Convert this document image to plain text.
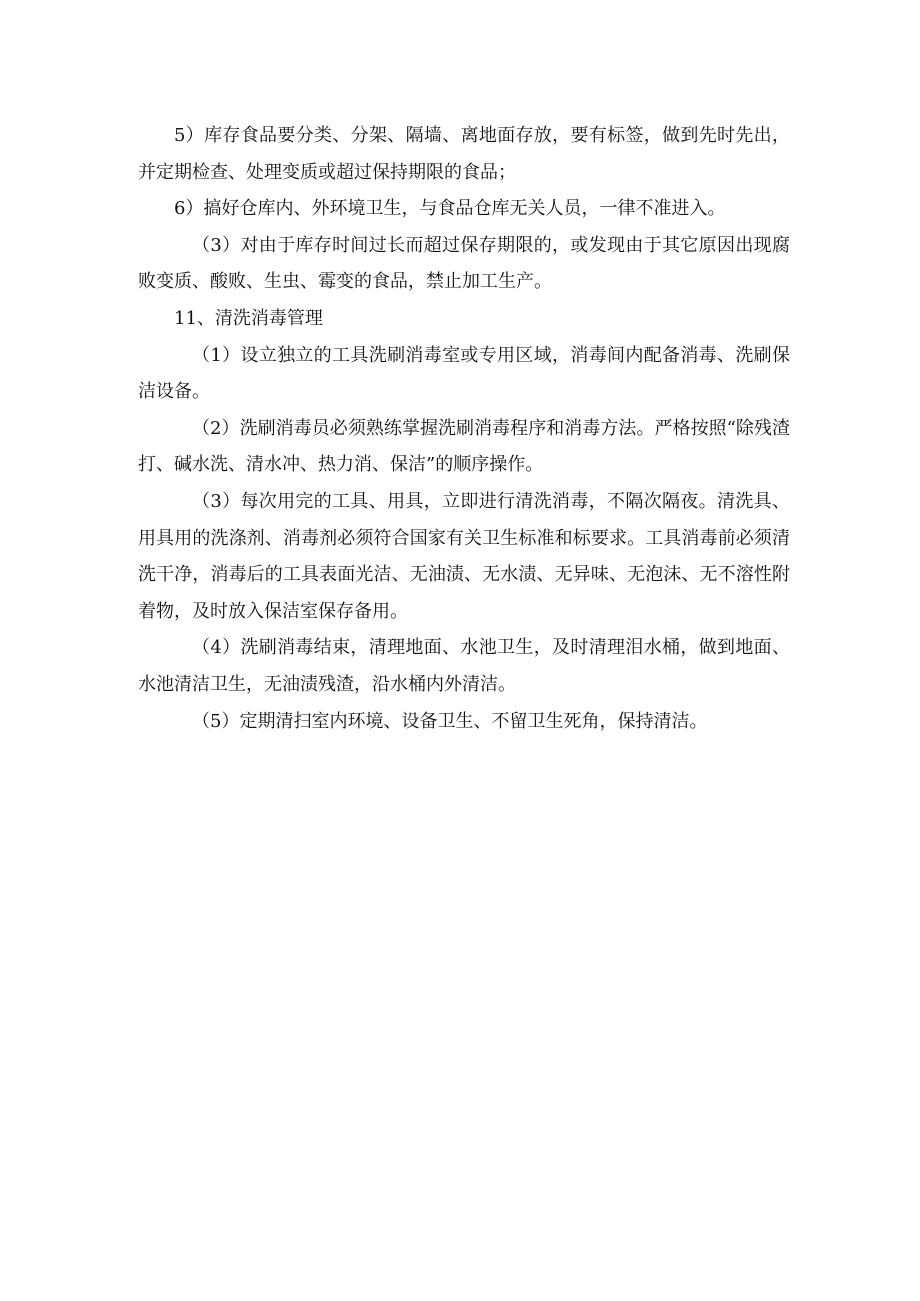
5）库存食品要分类、分架、隔墙、离地面存放，要有标签，做到先时先出，并定期检查、处理变质或超过保持期限的食品；

6）搞好仓库内、外环境卫生，与食品仓库无关人员，一律不准进入。

（3）对由于库存时间过长而超过保存期限的，或发现由于其它原因出现腐败变质、酸败、生虫、霉变的食品，禁止加工生产。

11、清洗消毒管理

（1）设立独立的工具洗刷消毒室或专用区域，消毒间内配备消毒、洗刷保洁设备。

（2）洗刷消毒员必须熟练掌握洗刷消毒程序和消毒方法。严格按照“除残渣打、碱水洗、清水冲、热力消、保洁”的顺序操作。

（3）每次用完的工具、用具，立即进行清洗消毒，不隔次隔夜。清洗具、用具用的洗涤剂、消毒剂必须符合国家有关卫生标准和标要求。工具消毒前必须清洗干净，消毒后的工具表面光洁、无油渍、无水渍、无异味、无泡沫、无不溶性附着物，及时放入保洁室保存备用。

（4）洗刷消毒结束，清理地面、水池卫生，及时清理泪水桶，做到地面、水池清洁卫生，无油渍残渣，沿水桶内外清洁。

（5）定期清扫室内环境、设备卫生、不留卫生死角，保持清洁。
